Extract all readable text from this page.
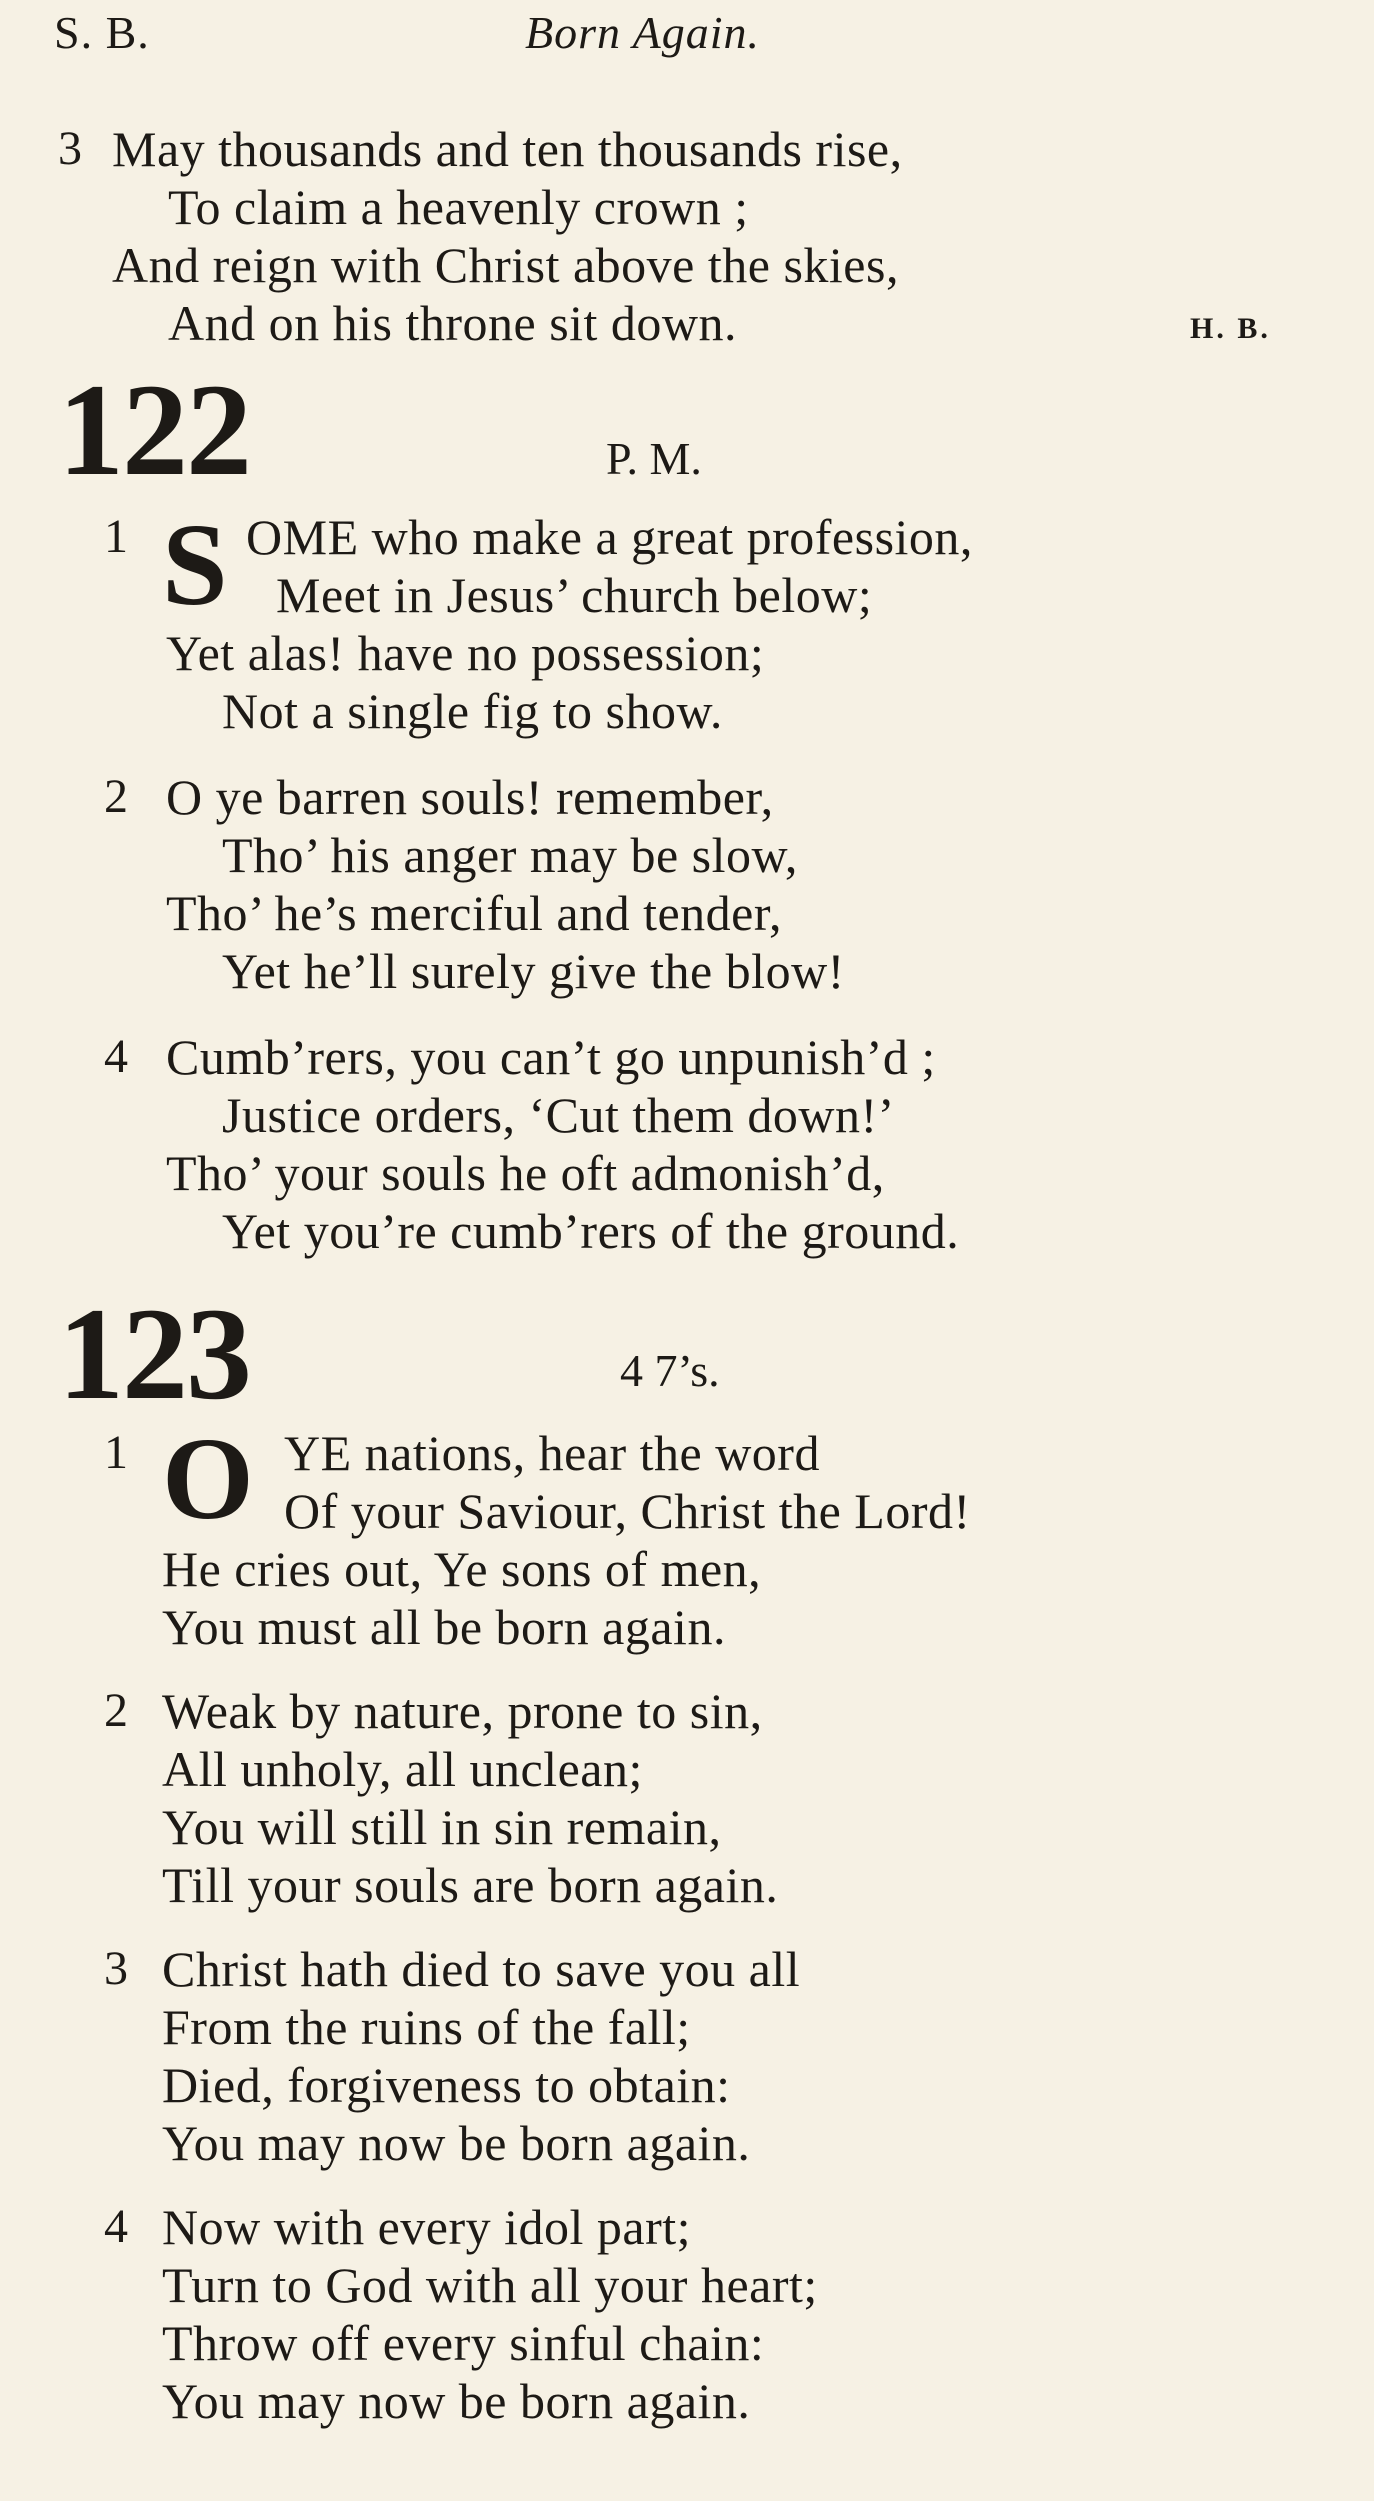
S. B.	Born Again.
3 May thousands and ten thousands rise,
To claim a heavenly crown ;
And reign with Christ above the skies,
And on his throne sit down.	H. B.
122	P. M.
1 S OME who make a great profession,
Meet in Jesus’ church below;
Yet alas! have no possession;
Not a single fig to show.
2 O ye barren souls! remember,
Tho’ his anger may be slow,
Tho’ he’s merciful and tender,
Yet he’ll surely give the blow!
4 Cumb’rers, you can’t go unpunish’d ;
Justice orders, ‘Cut them down!’
Tho’ your souls he oft admonish’d,
Yet you’re cumb’rers of the ground.
123	4 7’s.
1 O YE nations, hear the word
Of your Saviour, Christ the Lord!
He cries out, Ye sons of men,
You must all be born again.
2 Weak by nature, prone to sin,
All unholy, all unclean;
You will still in sin remain,
Till your souls are born again.
3 Christ hath died to save you all
From the ruins of the fall;
Died, forgiveness to obtain:
You may now be born again.
4 Now with every idol part;
Turn to God with all your heart;
Throw off every sinful chain:
You may now be born again.
